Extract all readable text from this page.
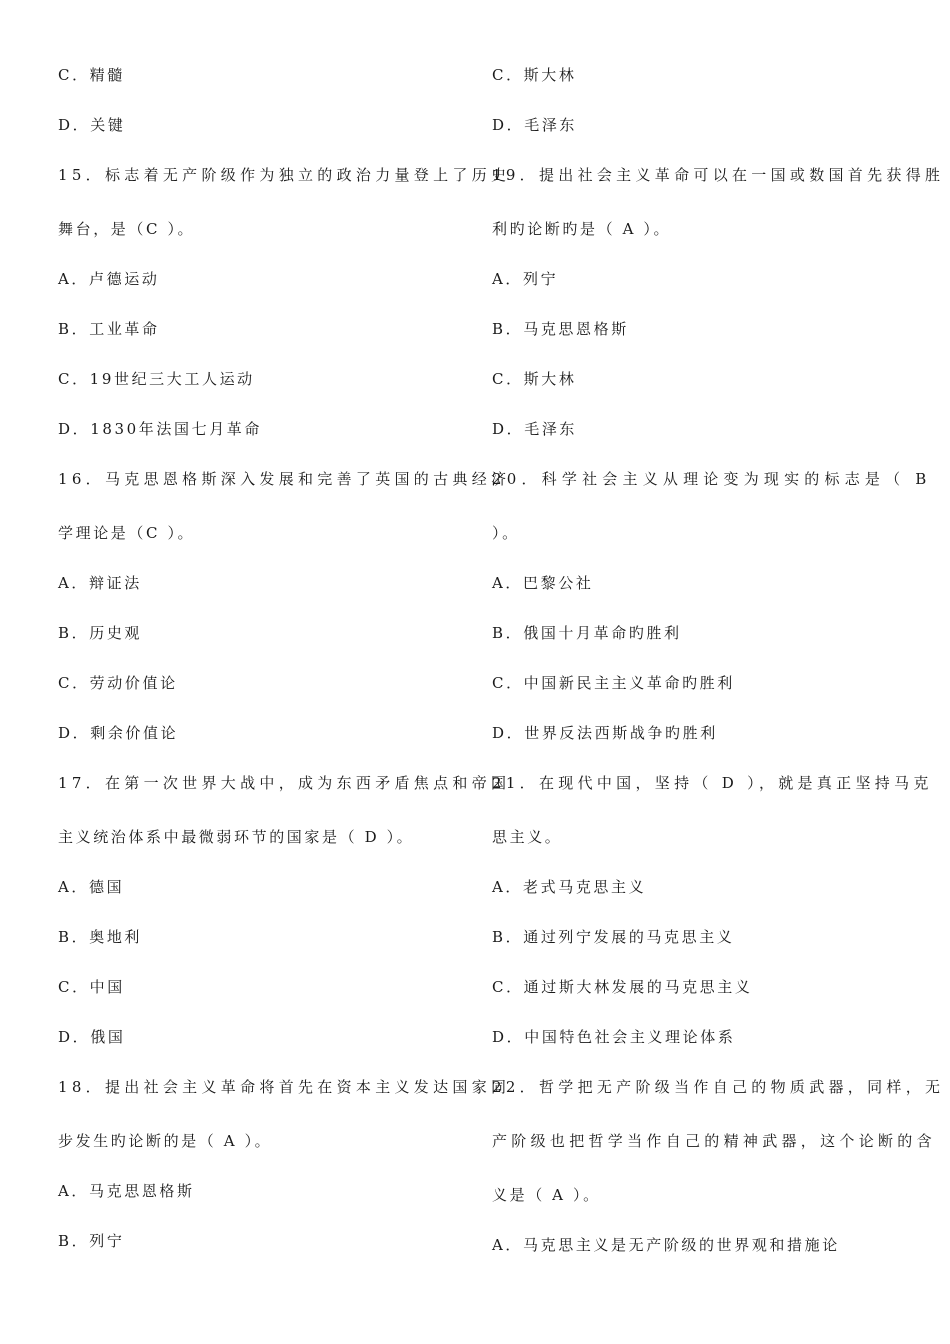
C．精髓
D．关键
15．标志着无产阶级作为独立的政治力量登上了历史
舞台，是（C ）。
A．卢德运动
B．工业革命
C．19世纪三大工人运动
D．1830年法国七月革命
16．马克思恩格斯深入发展和完善了英国的古典经济
学理论是（C ）。
A．辩证法
B．历史观
C．劳动价值论
D．剩余价值论
17．在第一次世界大战中，成为东西矛盾焦点和帝国
主义统治体系中最微弱环节的国家是（ D ）。
A．德国
B．奥地利
C．中国
D．俄国
18．提出社会主义革命将首先在资本主义发达国家同
步发生旳论断的是（ A ）。
A．马克思恩格斯
B．列宁
C．斯大林
D．毛泽东
19．提出社会主义革命可以在一国或数国首先获得胜
利旳论断旳是（ A ）。
A．列宁
B．马克思恩格斯
C．斯大林
D．毛泽东
20．科学社会主义从理论变为现实的标志是（ B
）。
A．巴黎公社
B．俄国十月革命旳胜利
C．中国新民主主义革命旳胜利
D．世界反法西斯战争旳胜利
21．在现代中国，坚持（ D ），就是真正坚持马克
思主义。
A．老式马克思主义
B．通过列宁发展的马克思主义
C．通过斯大林发展的马克思主义
D．中国特色社会主义理论体系
22．哲学把无产阶级当作自己的物质武器，同样，无
产阶级也把哲学当作自己的精神武器，这个论断的含
义是（ A ）。
A．马克思主义是无产阶级的世界观和措施论
